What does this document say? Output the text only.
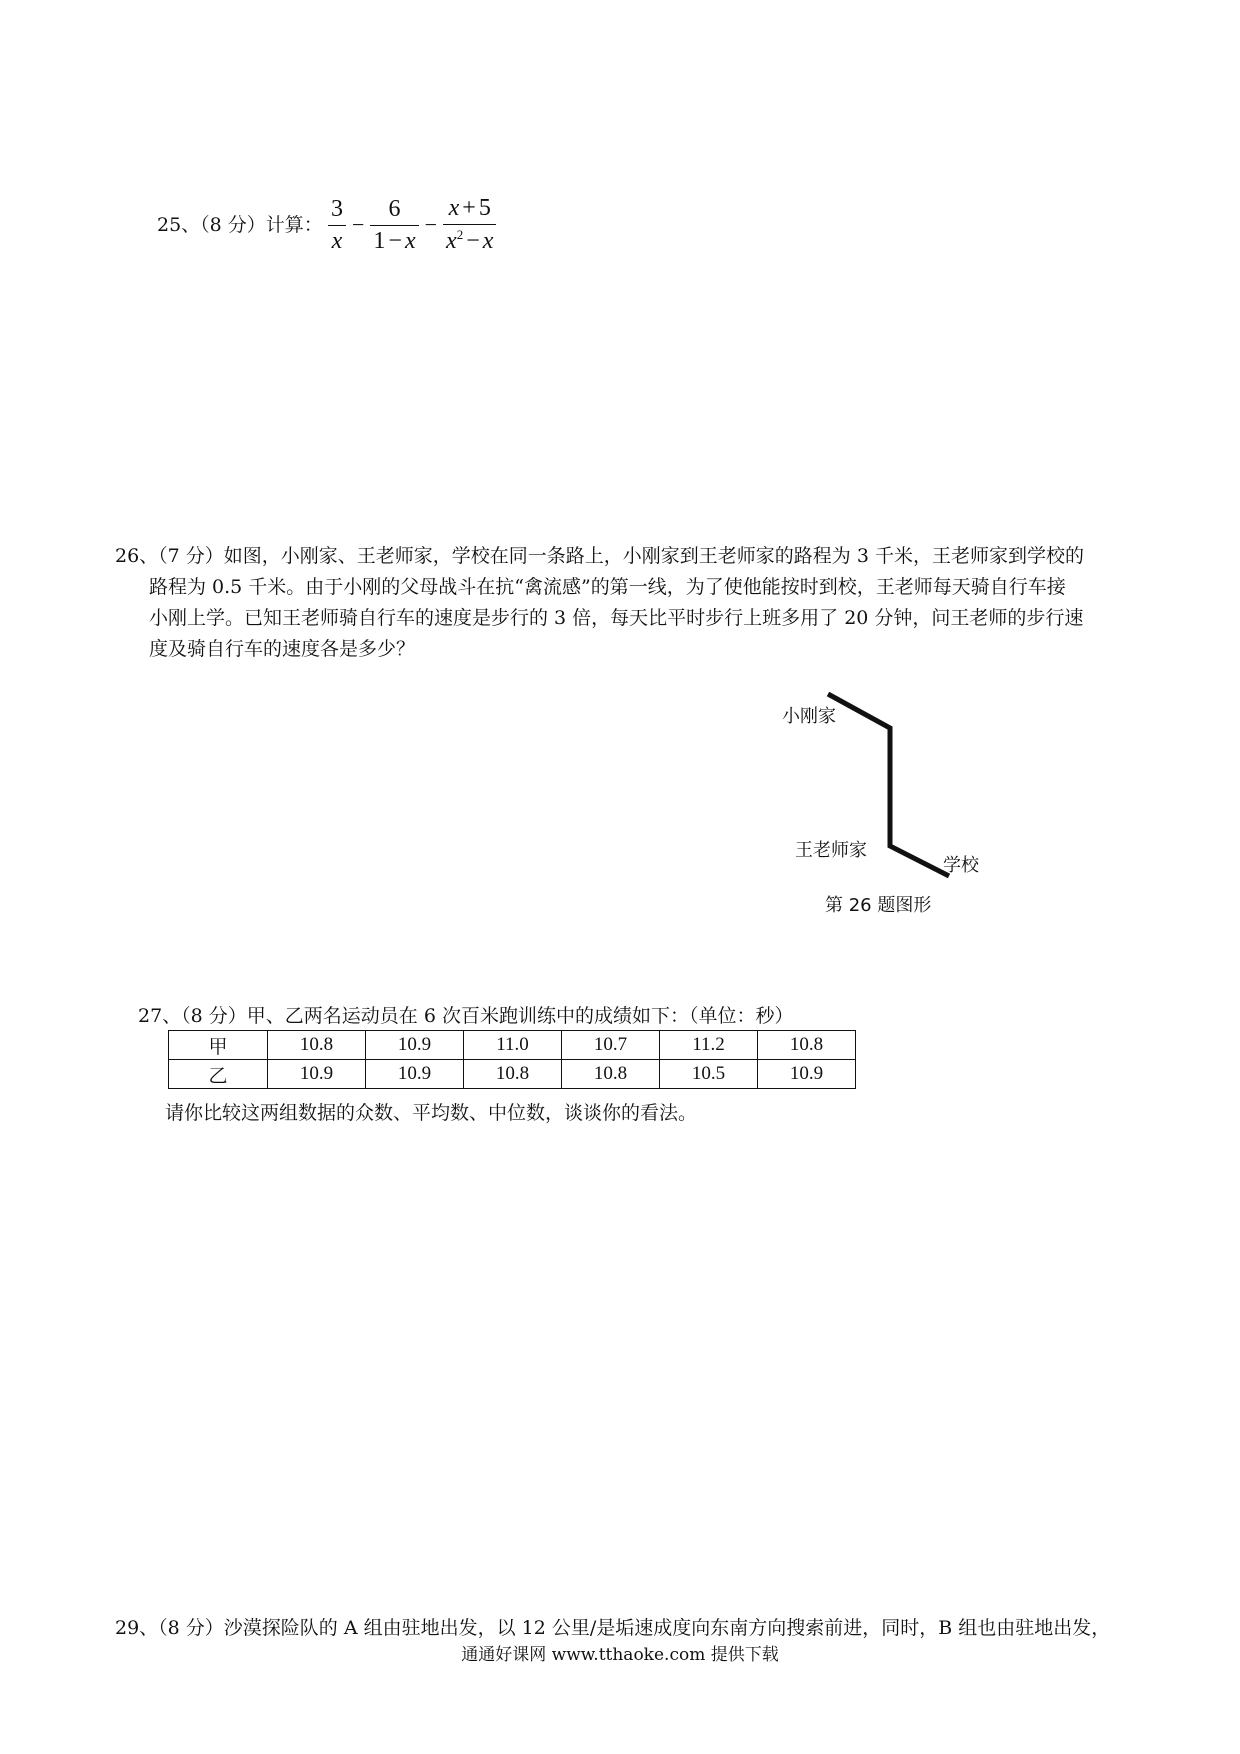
25、（8 分）计算： $\frac{3}{x} - \frac{6}{1 - x} - \frac{x + 5}{x^2 - x}$
26、（7 分）如图，小刚家、王老师家，学校在同一条路上，小刚家到王老师家的路程为 3 千米，王老师家到学校的
路程为 0.5 千米。由于小刚的父母战斗在抗“禽流感”的第一线，为了使他能按时到校，王老师每天骑自行车接
小刚上学。已知王老师骑自行车的速度是步行的 3 倍，每天比平时步行上班多用了 20 分钟，问王老师的步行速
度及骑自行车的速度各是多少？
小刚家
王老师家
学校
第 26 题图形
27、（8 分）甲、乙两名运动员在 6 次百米跑训练中的成绩如下：（单位：秒）
甲	10.8	10.9	11.0	10.7	11.2	10.8
乙	10.9	10.9	10.8	10.8	10.5	10.9
请你比较这两组数据的众数、平均数、中位数，谈谈你的看法。
29、（8 分）沙漠探险队的 A 组由驻地出发，以 12 公里/是垢速成度向东南方向搜索前进，同时，B 组也由驻地出发，
通通好课网 www.tthaoke.com 提供下载
